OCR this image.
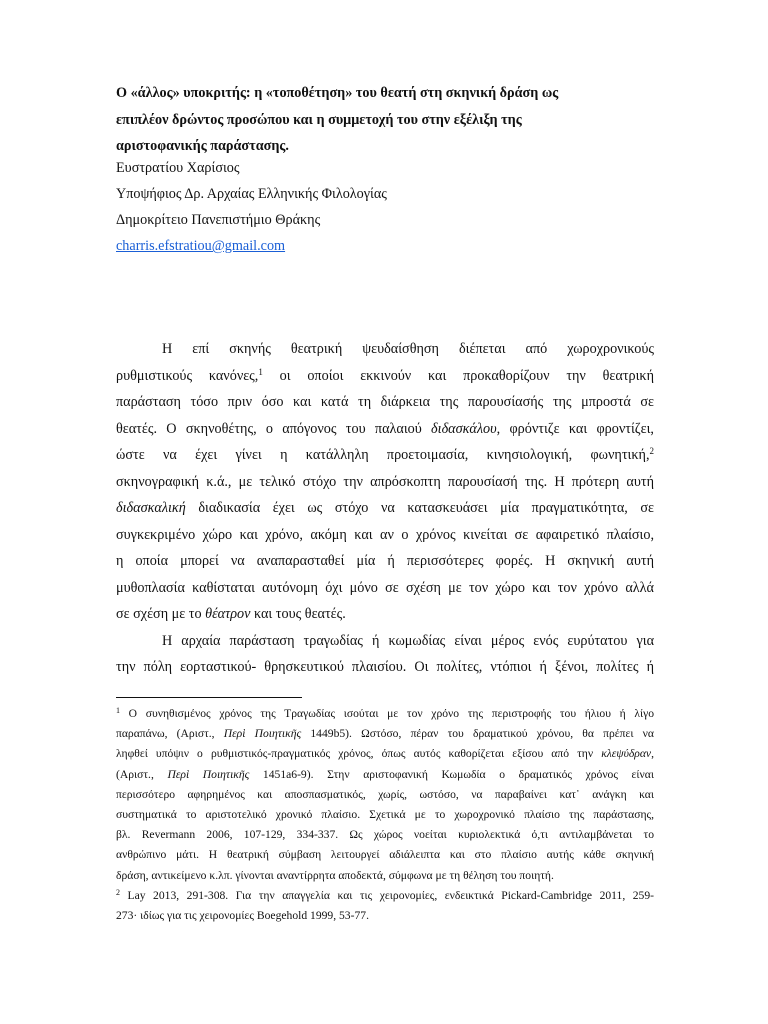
Ο «άλλος» υποκριτής: η «τοποθέτηση» του θεατή στη σκηνική δράση ως
επιπλέον δρώντος προσώπου και η συμμετοχή του στην εξέλιξη της
αριστοφανικής παράστασης.
Ευστρατίου Χαρίσιος
Υποψήφιος Δρ. Αρχαίας Ελληνικής Φιλολογίας
Δημοκρίτειο Πανεπιστήμιο Θράκης
charris.efstratiou@gmail.com
Η επί σκηνής θεατρική ψευδαίσθηση διέπεται από χωροχρονικούς
ρυθμιστικούς κανόνες,$^1$ οι οποίοι εκκινούν και προκαθορίζουν την θεατρική
παράσταση τόσο πριν όσο και κατά τη διάρκεια της παρουσίασής της μπροστά σε
θεατές. Ο σκηνοθέτης, ο απόγονος του παλαιού διδασκάλου, φρόντιζε και φροντίζει,
ώστε να έχει γίνει η κατάλληλη προετοιμασία, κινησιολογική, φωνητική,$^2$
σκηνογραφική κ.ά., με τελικό στόχο την απρόσκοπτη παρουσίασή της. Η πρότερη αυτή
διδασκαλική διαδικασία έχει ως στόχο να κατασκευάσει μία πραγματικότητα, σε
συγκεκριμένο χώρο και χρόνο, ακόμη και αν ο χρόνος κινείται σε αφαιρετικό πλαίσιο,
η οποία μπορεί να αναπαρασταθεί μία ή περισσότερες φορές. Η σκηνική αυτή
μυθοπλασία καθίσταται αυτόνομη όχι μόνο σε σχέση με τον χώρο και τον χρόνο αλλά
σε σχέση με το θέατρον και τους θεατές.
Η αρχαία παράσταση τραγωδίας ή κωμωδίας είναι μέρος ενός ευρύτατου για
την πόλη εορταστικού- θρησκευτικού πλαισίου. Οι πολίτες, ντόπιοι ή ξένοι, πολίτες ή
$^1$ Ο συνηθισμένος χρόνος της Τραγωδίας ισούται με τον χρόνο της περιστροφής του ήλιου ή λίγο
παραπάνω, (Αριστ., Περὶ Ποιητικῆς 1449b5). Ωστόσο, πέραν του δραματικού χρόνου, θα πρέπει να
ληφθεί υπόψιν ο ρυθμιστικός-πραγματικός χρόνος, όπως αυτός καθορίζεται εξίσου από την κλεψύδραν,
(Αριστ., Περὶ Ποιητικῆς 1451a6-9). Στην αριστοφανική Κωμωδία ο δραματικός χρόνος είναι
περισσότερο αφηρημένος και αποσπασματικός, χωρίς, ωστόσο, να παραβαίνει κατ᾽ ανάγκη και
συστηματικά το αριστοτελικό χρονικό πλαίσιο. Σχετικά με το χωροχρονικό πλαίσιο της παράστασης,
βλ. Revermann 2006, 107-129, 334-337. Ως χώρος νοείται κυριολεκτικά ό,τι αντιλαμβάνεται το
ανθρώπινο μάτι. Η θεατρική σύμβαση λειτουργεί αδιάλειπτα και στο πλαίσιο αυτής κάθε σκηνική
δράση, αντικείμενο κ.λπ. γίνονται αναντίρρητα αποδεκτά, σύμφωνα με τη θέληση του ποιητή.
$^2$ Lay 2013, 291-308. Για την απαγγελία και τις χειρονομίες, ενδεικτικά Pickard-Cambridge 2011, 259-
273· ιδίως για τις χειρονομίες Boegehold 1999, 53-77.
